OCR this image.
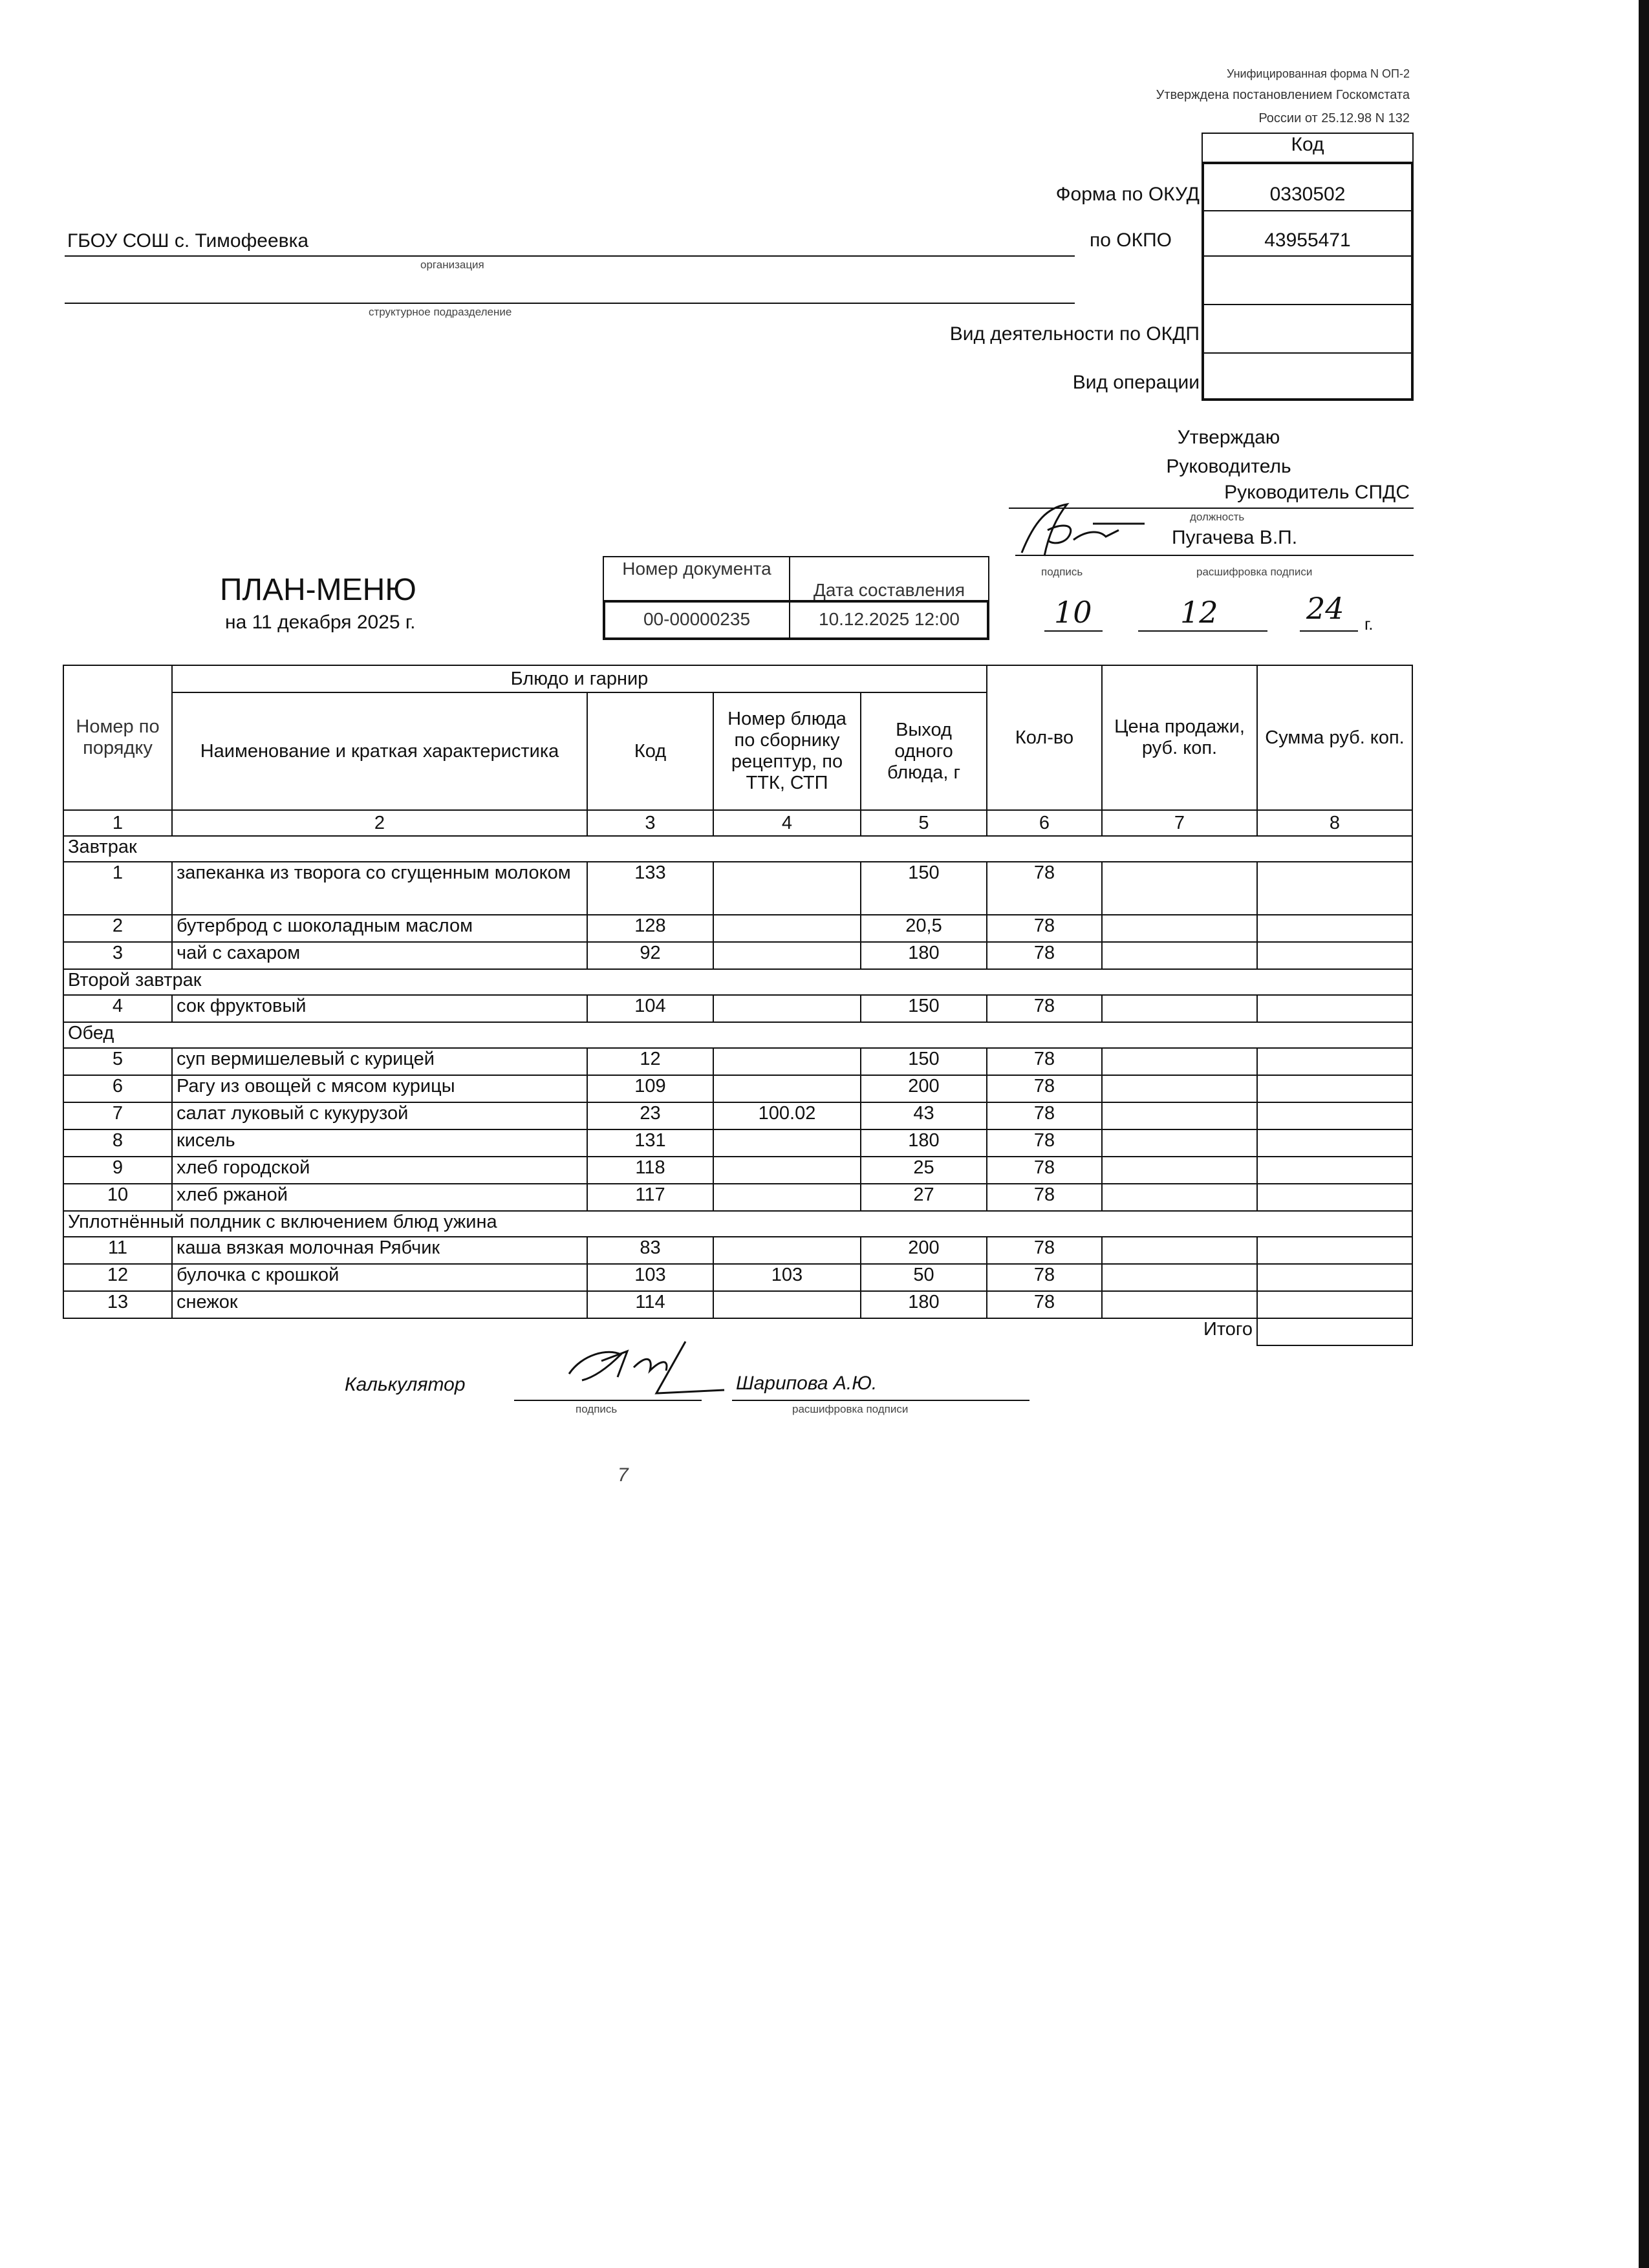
Унифицированная форма N ОП-2
Утверждена постановлением Госкомстата
России от 25.12.98 N 132
Код
Форма по ОКУД	0330502
по ОКПО	43955471
Вид деятельности по ОКДП
Вид операции
ГБОУ СОШ с. Тимофеевка
организация
структурное подразделение
Утверждаю
Руководитель
Руководитель СПДС
должность
Пугачева В.П.
подпись	расшифровка подписи
10	12	24 г.
ПЛАН-МЕНЮ
на 11 декабря 2025 г.
Номер документа
Дата составления
00-00000235	10.12.2025 12:00
Номер по порядку	Блюдо и гарнир				Кол-во	Цена продажи, руб. коп.	Сумма руб. коп.
	Наименование и краткая характеристика	Код	Номер блюда по сборнику рецептур, по ТТК, СТП	Выход одного блюда, г			
1	2	3	4	5	6	7	8
Завтрак							
1	запеканка из творога со сгущенным молоком	133		150	78		
2	бутерброд с шоколадным маслом	128		20,5	78		
3	чай с сахаром	92		180	78		
Второй завтрак							
4	сок фруктовый	104		150	78		
Обед							
5	суп вермишелевый с курицей	12		150	78		
6	Рагу из овощей с мясом курицы	109		200	78		
7	салат луковый с кукурузой	23	100.02	43	78		
8	кисель	131		180	78		
9	хлеб городской	118		25	78		
10	хлеб ржаной	117		27	78		
Уплотнённый полдник с включением блюд ужина							
11	каша вязкая молочная Рябчик	83		200	78		
12	булочка с крошкой	103	103	50	78		
13	снежок	114		180	78		
Итого							
Калькулятор
подпись
Шарипова А.Ю.
расшифровка подписи
7
